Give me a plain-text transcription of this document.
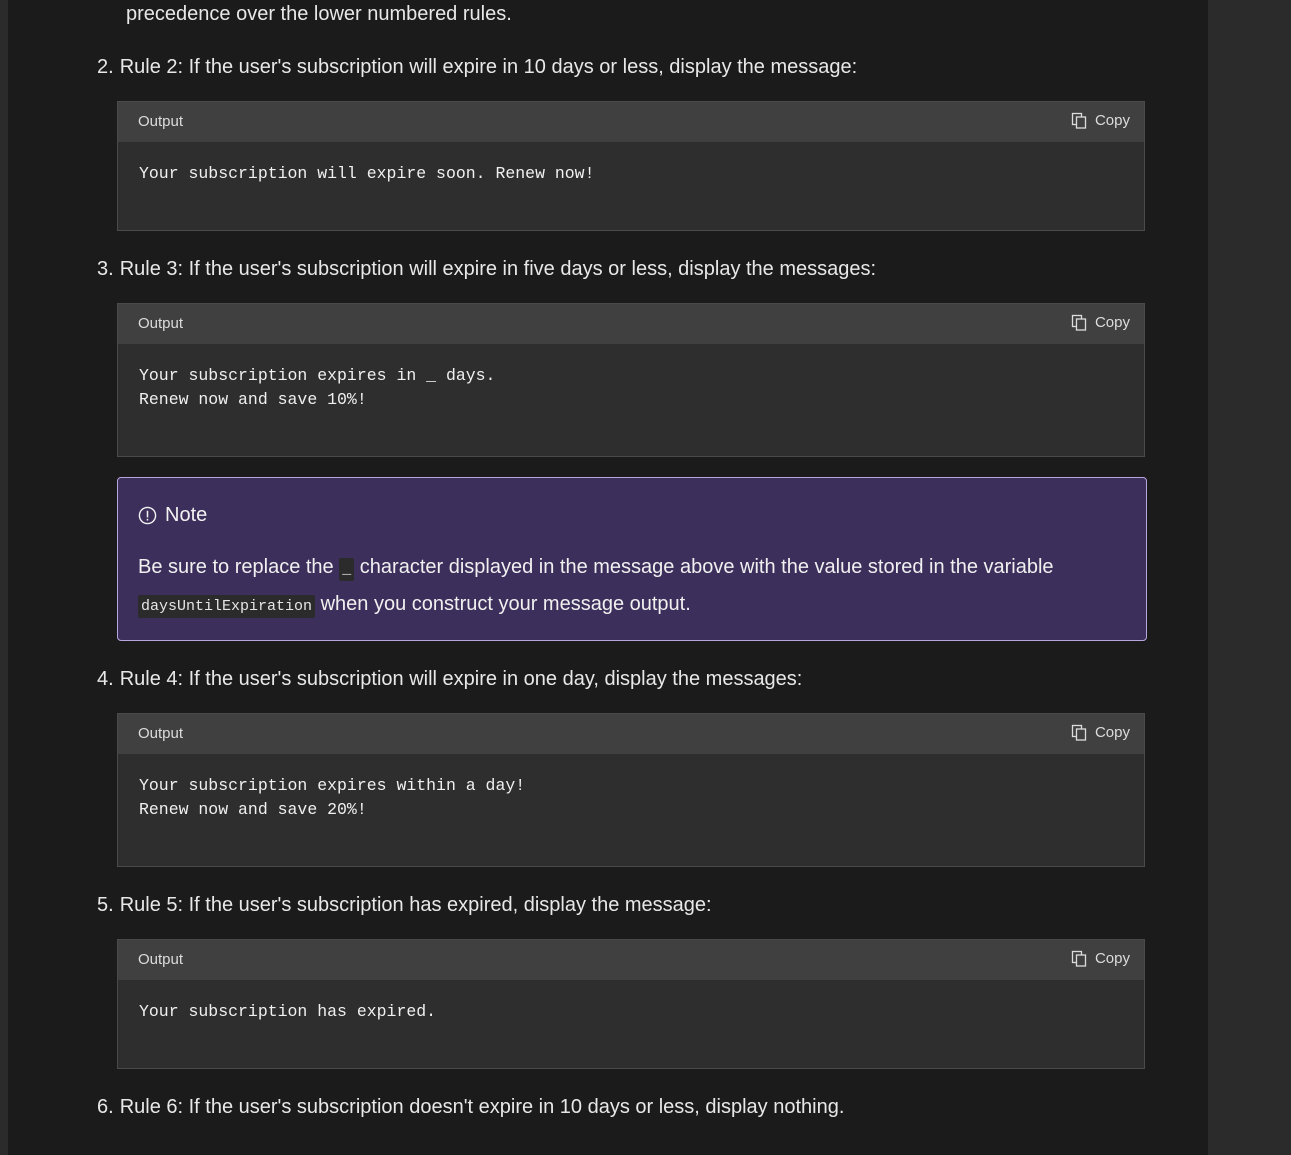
precedence over the lower numbered rules.
2. Rule 2: If the user's subscription will expire in 10 days or less, display the message:
Output	Copy
Your subscription will expire soon. Renew now!
3. Rule 3: If the user's subscription will expire in five days or less, display the messages:
Output	Copy
Your subscription expires in _ days.
Renew now and save 10%!
Note
Be sure to replace the _ character displayed in the message above with the value stored in the variable
daysUntilExpiration when you construct your message output.
4. Rule 4: If the user's subscription will expire in one day, display the messages:
Output	Copy
Your subscription expires within a day!
Renew now and save 20%!
5. Rule 5: If the user's subscription has expired, display the message:
Output	Copy
Your subscription has expired.
6. Rule 6: If the user's subscription doesn't expire in 10 days or less, display nothing.
